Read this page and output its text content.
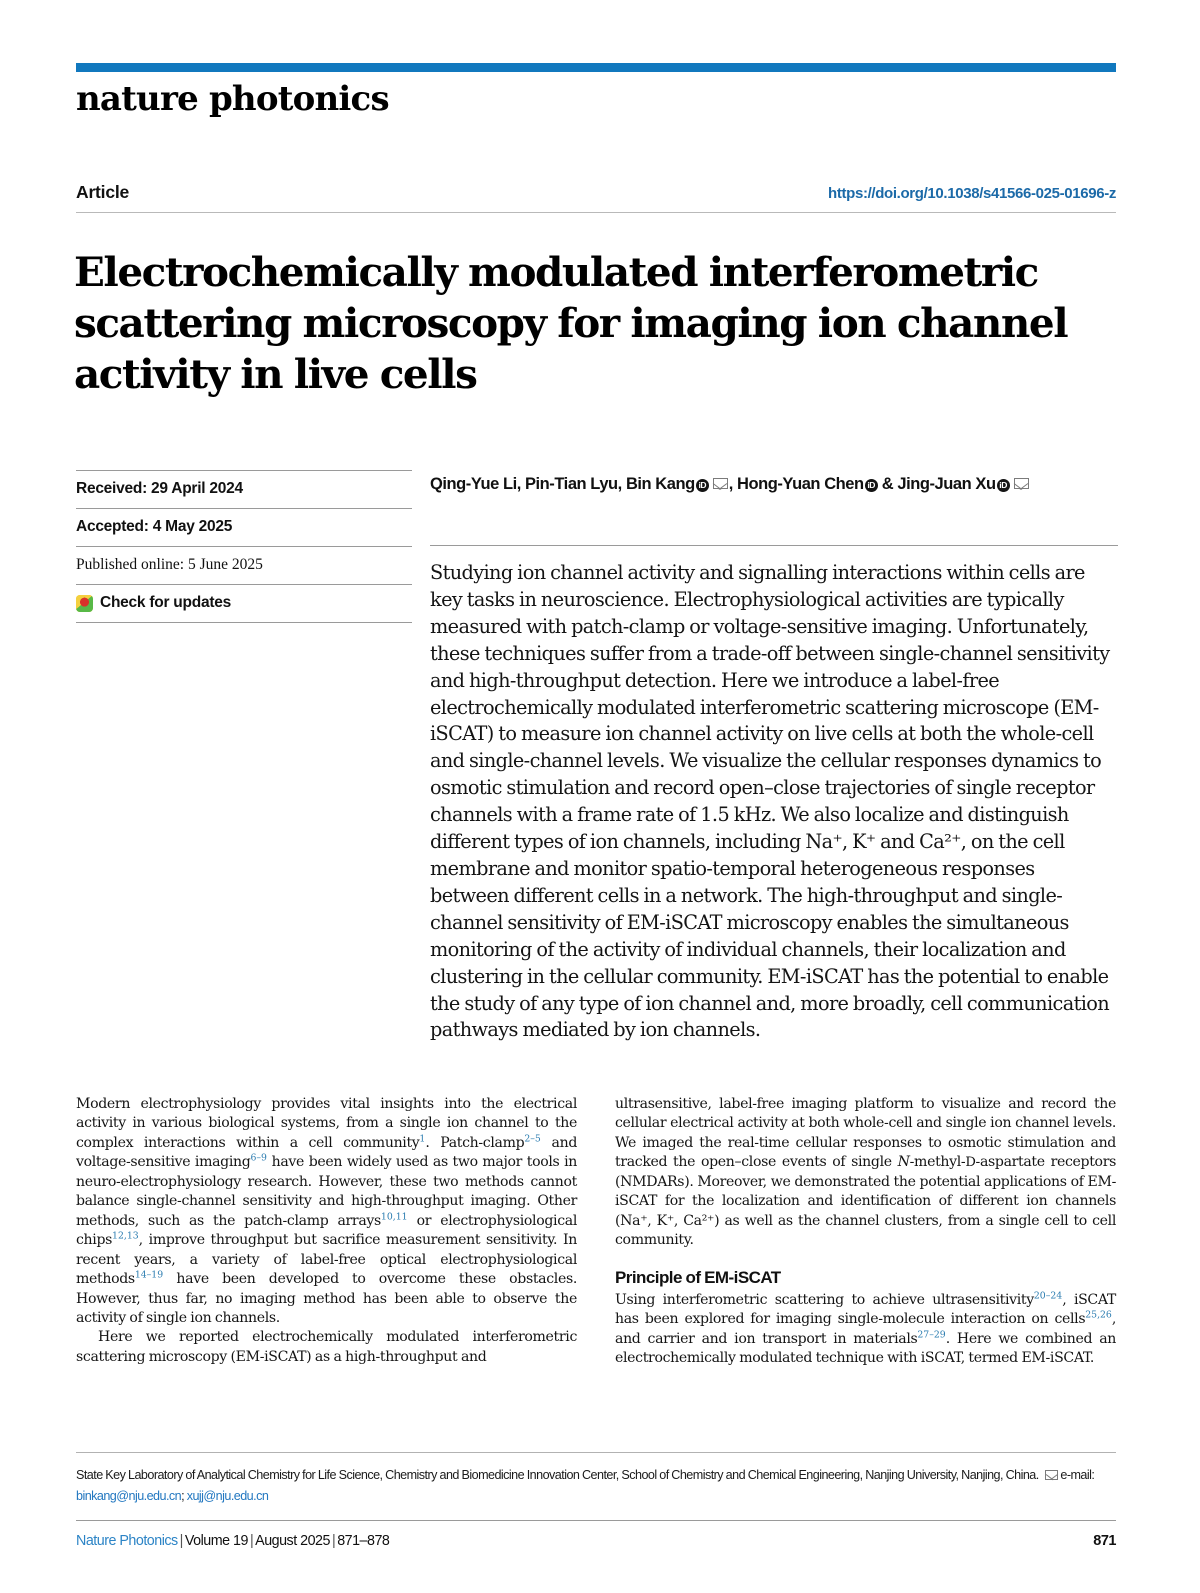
nature photonics
Article	https://doi.org/10.1038/s41566-025-01696-z
Electrochemically modulated interferometric scattering microscopy for imaging ion channel activity in live cells
Received: 29 April 2024
Accepted: 4 May 2025
Published online: 5 June 2025
Check for updates
Qing-Yue Li, Pin-Tian Lyu, Bin Kang iD , Hong-Yuan Chen iD & Jing-Juan Xu iD
Studying ion channel activity and signalling interactions within cells are key tasks in neuroscience. Electrophysiological activities are typically measured with patch-clamp or voltage-sensitive imaging. Unfortunately, these techniques suffer from a trade-off between single-channel sensitivity and high-throughput detection. Here we introduce a label-free electrochemically modulated interferometric scattering microscope (EM-iSCAT) to measure ion channel activity on live cells at both the whole-cell and single-channel levels. We visualize the cellular responses dynamics to osmotic stimulation and record open–close trajectories of single receptor channels with a frame rate of 1.5 kHz. We also localize and distinguish different types of ion channels, including Na⁺, K⁺ and Ca²⁺, on the cell membrane and monitor spatio-temporal heterogeneous responses between different cells in a network. The high-throughput and single-channel sensitivity of EM-iSCAT microscopy enables the simultaneous monitoring of the activity of individual channels, their localization and clustering in the cellular community. EM-iSCAT has the potential to enable the study of any type of ion channel and, more broadly, cell communication pathways mediated by ion channels.

Modern electrophysiology provides vital insights into the electrical activity in various biological systems, from a single ion channel to the complex interactions within a cell community$^1$. Patch-clamp$^{2-5}$ and voltage-sensitive imaging$^{6-9}$ have been widely used as two major tools in neuro-electrophysiology research. However, these two methods cannot balance single-channel sensitivity and high-throughput imaging. Other methods, such as the patch-clamp arrays$^{10,11}$ or electrophysiological chips$^{12,13}$, improve throughput but sacrifice measurement sensitivity. In recent years, a variety of label-free optical electrophysiological methods$^{14-19}$ have been developed to overcome these obstacles. However, thus far, no imaging method has been able to observe the activity of single ion channels.

Here we reported electrochemically modulated interferometric scattering microscopy (EM-iSCAT) as a high-throughput and

ultrasensitive, label-free imaging platform to visualize and record the cellular electrical activity at both whole-cell and single ion channel levels. We imaged the real-time cellular responses to osmotic stimulation and tracked the open–close events of single N-methyl-D-aspartate receptors (NMDARs). Moreover, we demonstrated the potential applications of EM-iSCAT for the localization and identification of different ion channels (Na⁺, K⁺, Ca²⁺) as well as the channel clusters, from a single cell to cell community.

Principle of EM-iSCAT

Using interferometric scattering to achieve ultrasensitivity$^{20-24}$, iSCAT has been explored for imaging single-molecule interaction on cells$^{25,26}$, and carrier and ion transport in materials$^{27-29}$. Here we combined an electrochemically modulated technique with iSCAT, termed EM-iSCAT.

State Key Laboratory of Analytical Chemistry for Life Science, Chemistry and Biomedicine Innovation Center, School of Chemistry and Chemical Engineering, Nanjing University, Nanjing, China. e-mail: binkang@nju.edu.cn; xujj@nju.edu.cn
Nature Photonics | Volume 19 | August 2025 | 871–878	871
